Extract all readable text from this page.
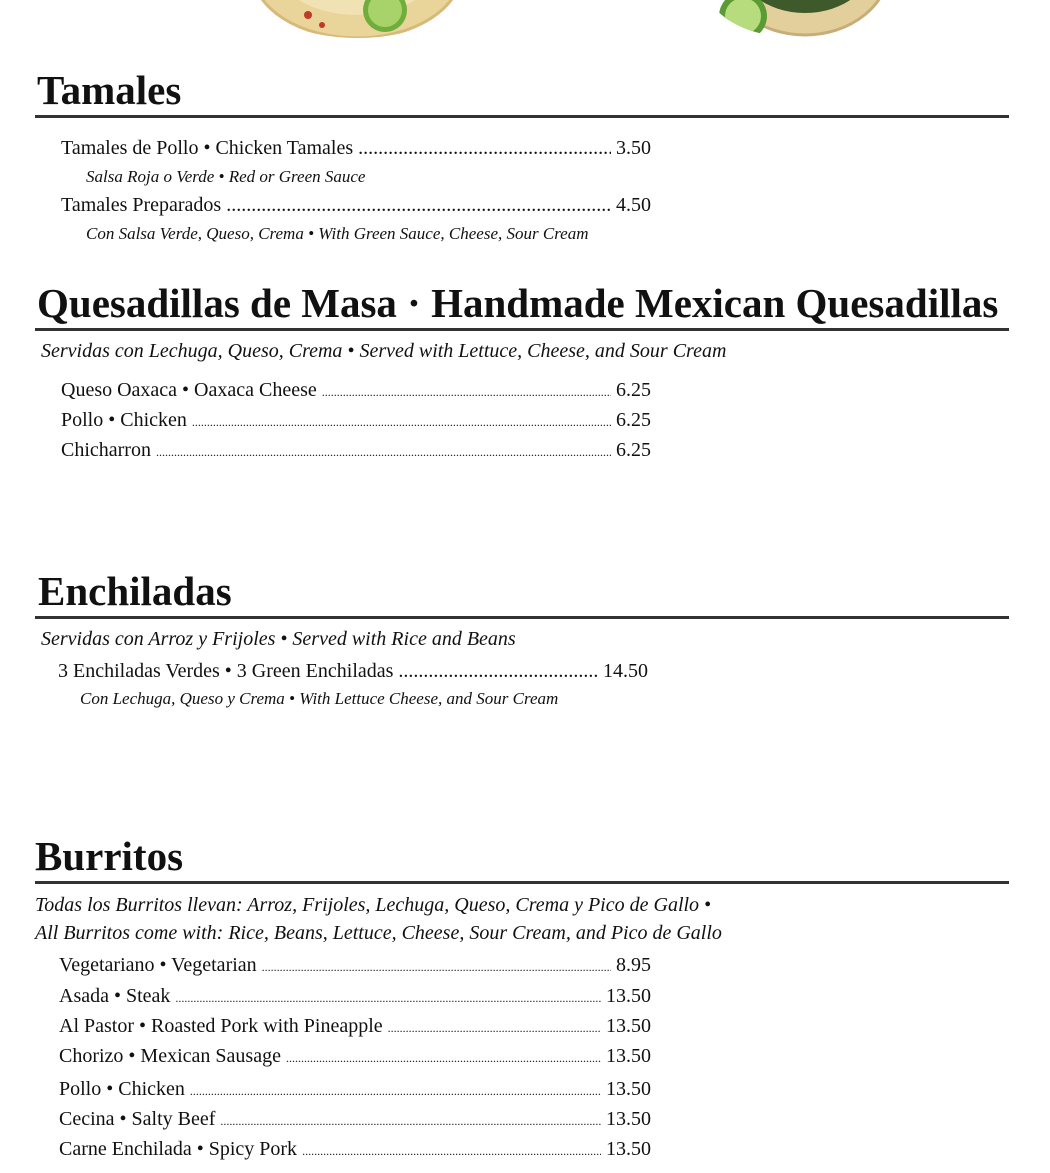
Tamales
Tamales de Pollo • Chicken Tamales .....	3.50
Salsa Roja o Verde • Red or Green Sauce
Tamales Preparados .....	4.50
Con Salsa Verde, Queso, Crema • With Green Sauce, Cheese, Sour Cream
Quesadillas de Masa · Handmade Mexican Quesadillas
Servidas con Lechuga, Queso, Crema • Served with Lettuce, Cheese, and Sour Cream
Queso Oaxaca • Oaxaca Cheese .....	6.25
Pollo • Chicken .....	6.25
Chicharron .....	6.25
Enchiladas
Servidas con Arroz y Frijoles • Served with Rice and Beans
3 Enchiladas Verdes • 3 Green Enchiladas .....	14.50
Con Lechuga, Queso y Crema • With Lettuce Cheese, and Sour Cream
Burritos
Todas los Burritos llevan: Arroz, Frijoles, Lechuga, Queso, Crema y Pico de Gallo •
All Burritos come with: Rice, Beans, Lettuce, Cheese, Sour Cream, and Pico de Gallo
Vegetariano • Vegetarian .....	8.95
Asada • Steak .....	13.50
Al Pastor • Roasted Pork with Pineapple .....	13.50
Chorizo • Mexican Sausage .....	13.50
Pollo • Chicken .....	13.50
Cecina • Salty Beef .....	13.50
Carne Enchilada • Spicy Pork .....	13.50
